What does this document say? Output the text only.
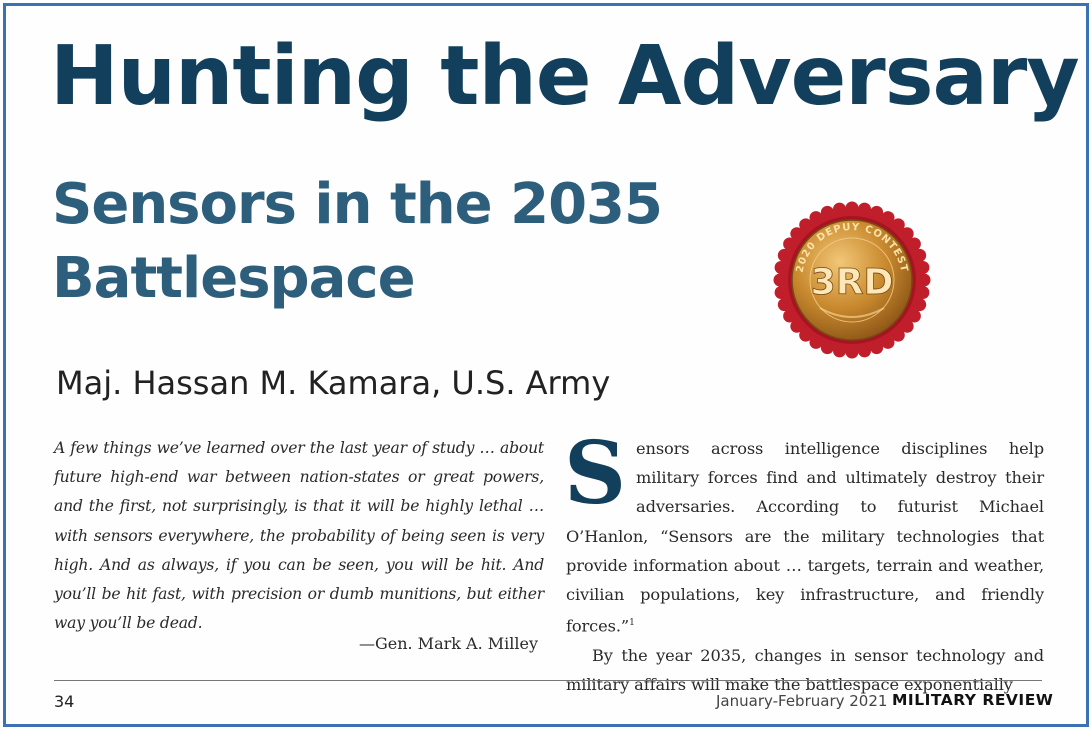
Hunting the Adversary
Sensors in the 2035 Battlespace	2020 DEPUY CONTEST
3RD
Maj. Hassan M. Kamara, U.S. Army

A few things we’ve learned over the last year of study … about future high-end war between nation-states or great powers, and the first, not surprisingly, is that it will be highly lethal … with sensors everywhere, the probability of being seen is very high. And as always, if you can be seen, you will be hit. And you’ll be hit fast, with precision or dumb munitions, but either way you’ll be dead.

—Gen. Mark A. Milley
S ensors across intelligence disciplines help military forces find and ultimately destroy their adversaries. According to futurist Michael O’Hanlon, “Sensors are the military technologies that provide information about … targets, terrain and weather, civilian populations, key infrastructure, and friendly forces.”$^1$

By the year 2035, changes in sensor technology and military affairs will make the battlespace exponentially

34	January-February 2021 MILITARY REVIEW
